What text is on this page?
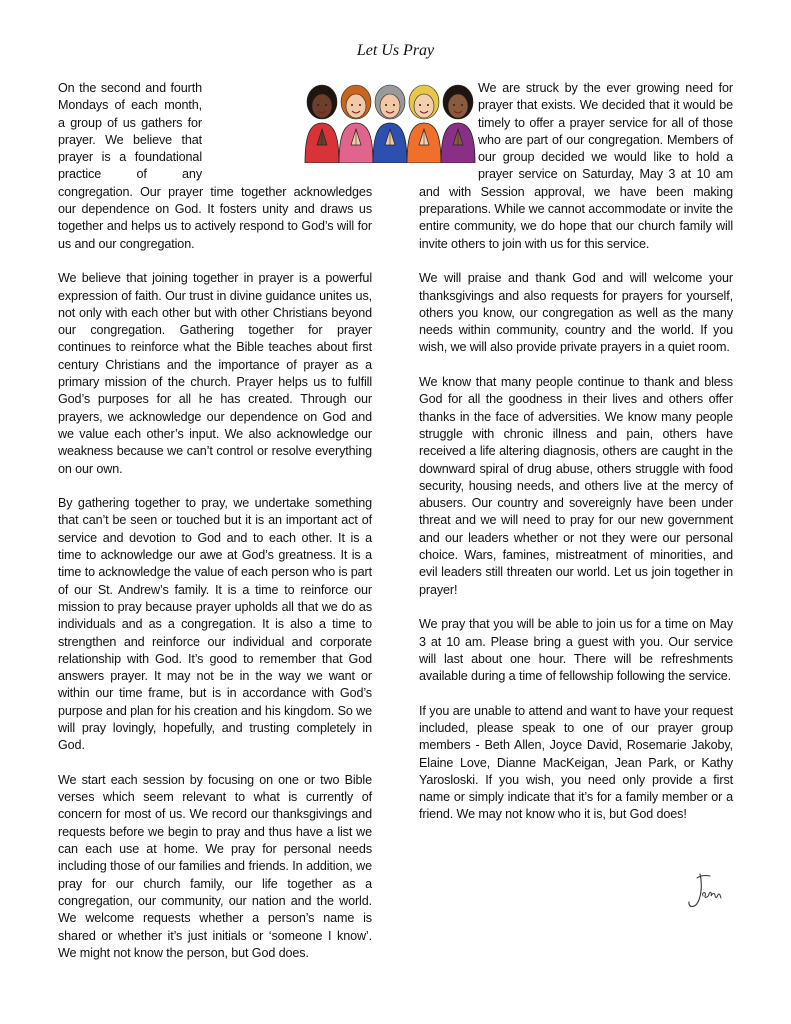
Let Us Pray

On the second and fourth Mondays of each month, a group of us gathers for prayer. We believe that prayer is a foundational practice of any congregation. Our prayer time together acknowledges our dependence on God. It fosters unity and draws us together and helps us to actively respond to God’s will for us and our congregation.

We believe that joining together in prayer is a powerful expression of faith. Our trust in divine guidance unites us, not only with each other but with other Christians beyond our congregation. Gathering together for prayer continues to reinforce what the Bible teaches about first century Christians and the importance of prayer as a primary mission of the church. Prayer helps us to fulfill God’s purposes for all he has created. Through our prayers, we acknowledge our dependence on God and we value each other’s input. We also acknowledge our weakness because we can’t control or resolve everything on our own.

By gathering together to pray, we undertake something that can’t be seen or touched but it is an important act of service and devotion to God and to each other. It is a time to acknowledge our awe at God’s greatness. It is a time to acknowledge the value of each person who is part of our St. Andrew’s family. It is a time to reinforce our mission to pray because prayer upholds all that we do as individuals and as a congregation. It is also a time to strengthen and reinforce our individual and corporate relationship with God. It’s good to remember that God answers prayer. It may not be in the way we want or within our time frame, but is in accordance with God’s purpose and plan for his creation and his kingdom. So we will pray lovingly, hopefully, and trusting completely in God.

We start each session by focusing on one or two Bible verses which seem relevant to what is currently of concern for most of us. We record our thanksgivings and requests before we begin to pray and thus have a list we can each use at home. We pray for personal needs including those of our families and friends. In addition, we pray for our church family, our life together as a congregation, our community, our nation and the world. We welcome requests whether a person’s name is shared or whether it’s just initials or ‘someone I know’. We might not know the person, but God does.

We are struck by the ever growing need for prayer that exists. We decided that it would be timely to offer a prayer service for all of those who are part of our congregation. Members of our group decided we would like to hold a prayer service on Saturday, May 3 at 10 am and with Session approval, we have been making preparations. While we cannot accommodate or invite the entire community, we do hope that our church family will invite others to join with us for this service.

We will praise and thank God and will welcome your thanksgivings and also requests for prayers for yourself, others you know, our congregation as well as the many needs within community, country and the world. If you wish, we will also provide private prayers in a quiet room.

We know that many people continue to thank and bless God for all the goodness in their lives and others offer thanks in the face of adversities. We know many people struggle with chronic illness and pain, others have received a life altering diagnosis, others are caught in the downward spiral of drug abuse, others struggle with food security, housing needs, and others live at the mercy of abusers. Our country and sovereignly have been under threat and we will need to pray for our new government and our leaders whether or not they were our personal choice. Wars, famines, mistreatment of minorities, and evil leaders still threaten our world. Let us join together in prayer!

We pray that you will be able to join us for a time on May 3 at 10 am. Please bring a guest with you. Our service will last about one hour. There will be refreshments available during a time of fellowship following the service.

If you are unable to attend and want to have your request included, please speak to one of our prayer group members - Beth Allen, Joyce David, Rosemarie Jakoby, Elaine Love, Dianne MacKeigan, Jean Park, or Kathy Yarosloski. If you wish, you need only provide a first name or simply indicate that it’s for a family member or a friend. We may not know who it is, but God does!
